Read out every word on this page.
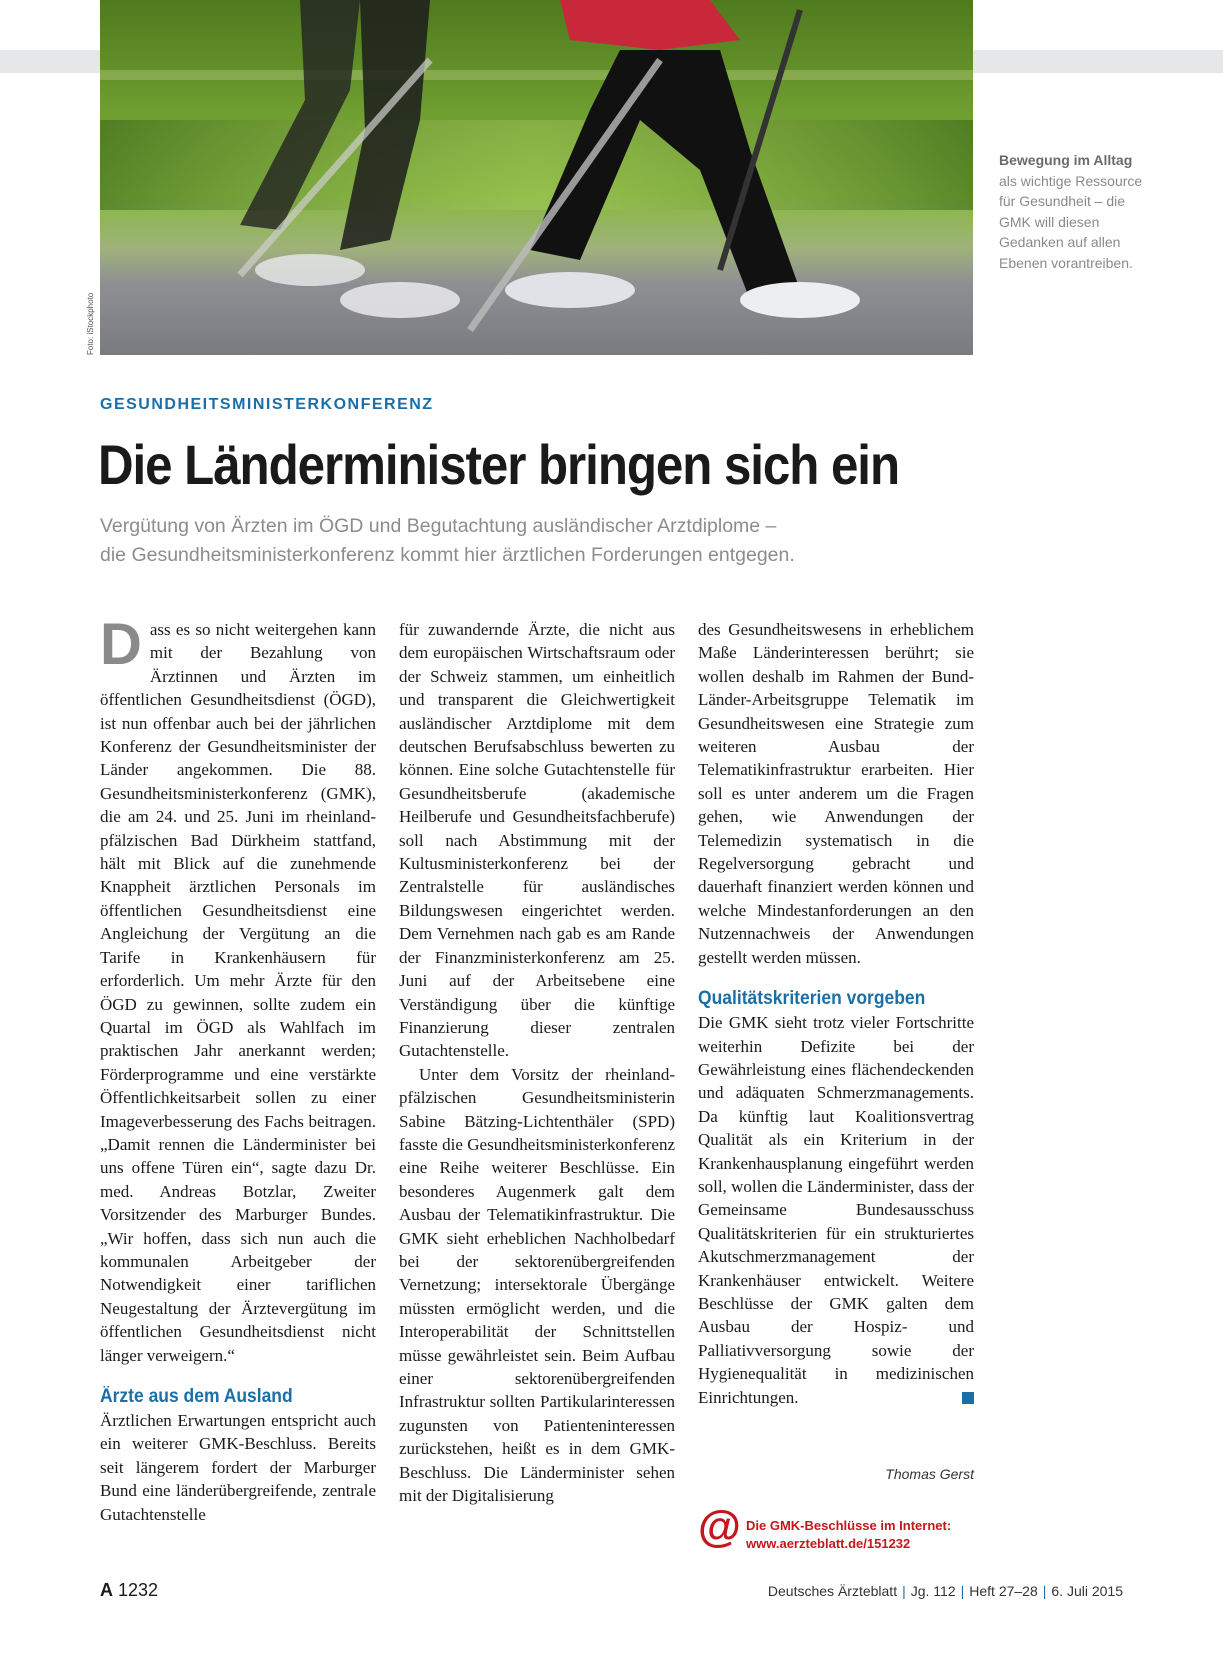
Foto: iStockphoto
Bewegung im Alltag als wichtige Ressource für Gesundheit – die GMK will diesen Gedanken auf allen Ebenen vorantreiben.
GESUNDHEITSMINISTERKONFERENZ
Die Länderminister bringen sich ein
Vergütung von Ärzten im ÖGD und Begutachtung ausländischer Arztdiplome –
die Gesundheitsministerkonferenz kommt hier ärztlichen Forderungen entgegen.
D ass es so nicht weitergehen kann mit der Bezahlung von Ärztinnen und Ärzten im öffentlichen Gesundheitsdienst (ÖGD), ist nun offenbar auch bei der jährlichen Konferenz der Gesundheitsminister der Länder angekommen. Die 88. Gesundheitsministerkonferenz (GMK), die am 24. und 25. Juni im rheinland-pfälzischen Bad Dürkheim stattfand, hält mit Blick auf die zunehmende Knappheit ärztlichen Personals im öffentlichen Gesundheitsdienst eine Angleichung der Vergütung an die Tarife in Krankenhäusern für erforderlich. Um mehr Ärzte für den ÖGD zu gewinnen, sollte zudem ein Quartal im ÖGD als Wahlfach im praktischen Jahr anerkannt werden; Förderprogramme und eine verstärkte Öffentlichkeitsarbeit sollen zu einer Imageverbesserung des Fachs beitragen. „Damit rennen die Länderminister bei uns offene Türen ein“, sagte dazu Dr. med. Andreas Botzlar, Zweiter Vorsitzender des Marburger Bundes. „Wir hoffen, dass sich nun auch die kommunalen Arbeitgeber der Notwendigkeit einer tariflichen Neugestaltung der Ärztevergütung im öffentlichen Gesundheitsdienst nicht länger verweigern.“

Ärzte aus dem Ausland

Ärztlichen Erwartungen entspricht auch ein weiterer GMK-Beschluss. Bereits seit längerem fordert der Marburger Bund eine länderübergreifende, zentrale Gutachtenstelle

für zuwandernde Ärzte, die nicht aus dem europäischen Wirtschaftsraum oder der Schweiz stammen, um einheitlich und transparent die Gleichwertigkeit ausländischer Arztdiplome mit dem deutschen Berufsabschluss bewerten zu können. Eine solche Gutachtenstelle für Gesundheitsberufe (akademische Heilberufe und Gesundheitsfachberufe) soll nach Abstimmung mit der Kultusministerkonferenz bei der Zentralstelle für ausländisches Bildungswesen eingerichtet werden. Dem Vernehmen nach gab es am Rande der Finanzministerkonferenz am 25. Juni auf der Arbeitsebene eine Verständigung über die künftige Finanzierung dieser zentralen Gutachtenstelle.

Unter dem Vorsitz der rheinland-pfälzischen Gesundheitsministerin Sabine Bätzing-Lichtenthäler (SPD) fasste die Gesundheitsministerkonferenz eine Reihe weiterer Beschlüsse. Ein besonderes Augenmerk galt dem Ausbau der Telematikinfrastruktur. Die GMK sieht erheblichen Nachholbedarf bei der sektorenübergreifenden Vernetzung; intersektorale Übergänge müssten ermöglicht werden, und die Interoperabilität der Schnittstellen müsse gewährleistet sein. Beim Aufbau einer sektorenübergreifenden Infrastruktur sollten Partikularinteressen zugunsten von Patienteninteressen zurückstehen, heißt es in dem GMK-Beschluss. Die Länderminister sehen mit der Digitalisierung

des Gesundheitswesens in erheblichem Maße Länderinteressen berührt; sie wollen deshalb im Rahmen der Bund-Länder-Arbeitsgruppe Telematik im Gesundheitswesen eine Strategie zum weiteren Ausbau der Telematikinfrastruktur erarbeiten. Hier soll es unter anderem um die Fragen gehen, wie Anwendungen der Telemedizin systematisch in die Regelversorgung gebracht und dauerhaft finanziert werden können und welche Mindestanforderungen an den Nutzennachweis der Anwendungen gestellt werden müssen.

Qualitätskriterien vorgeben

Die GMK sieht trotz vieler Fortschritte weiterhin Defizite bei der Gewährleistung eines flächendeckenden und adäquaten Schmerzmanagements. Da künftig laut Koalitionsvertrag Qualität als ein Kriterium in der Krankenhausplanung eingeführt werden soll, wollen die Länderminister, dass der Gemeinsame Bundesausschuss Qualitätskriterien für ein strukturiertes Akutschmerzmanagement der Krankenhäuser entwickelt. Weitere Beschlüsse der GMK galten dem Ausbau der Hospiz- und Palliativversorgung sowie der Hygienequalität in medizinischen Einrichtungen.

Thomas Gerst
@ Die GMK-Beschlüsse im Internet:
www.aerzteblatt.de/151232
A 1232	Deutsches Ärzteblatt | Jg. 112 | Heft 27–28 | 6. Juli 2015
